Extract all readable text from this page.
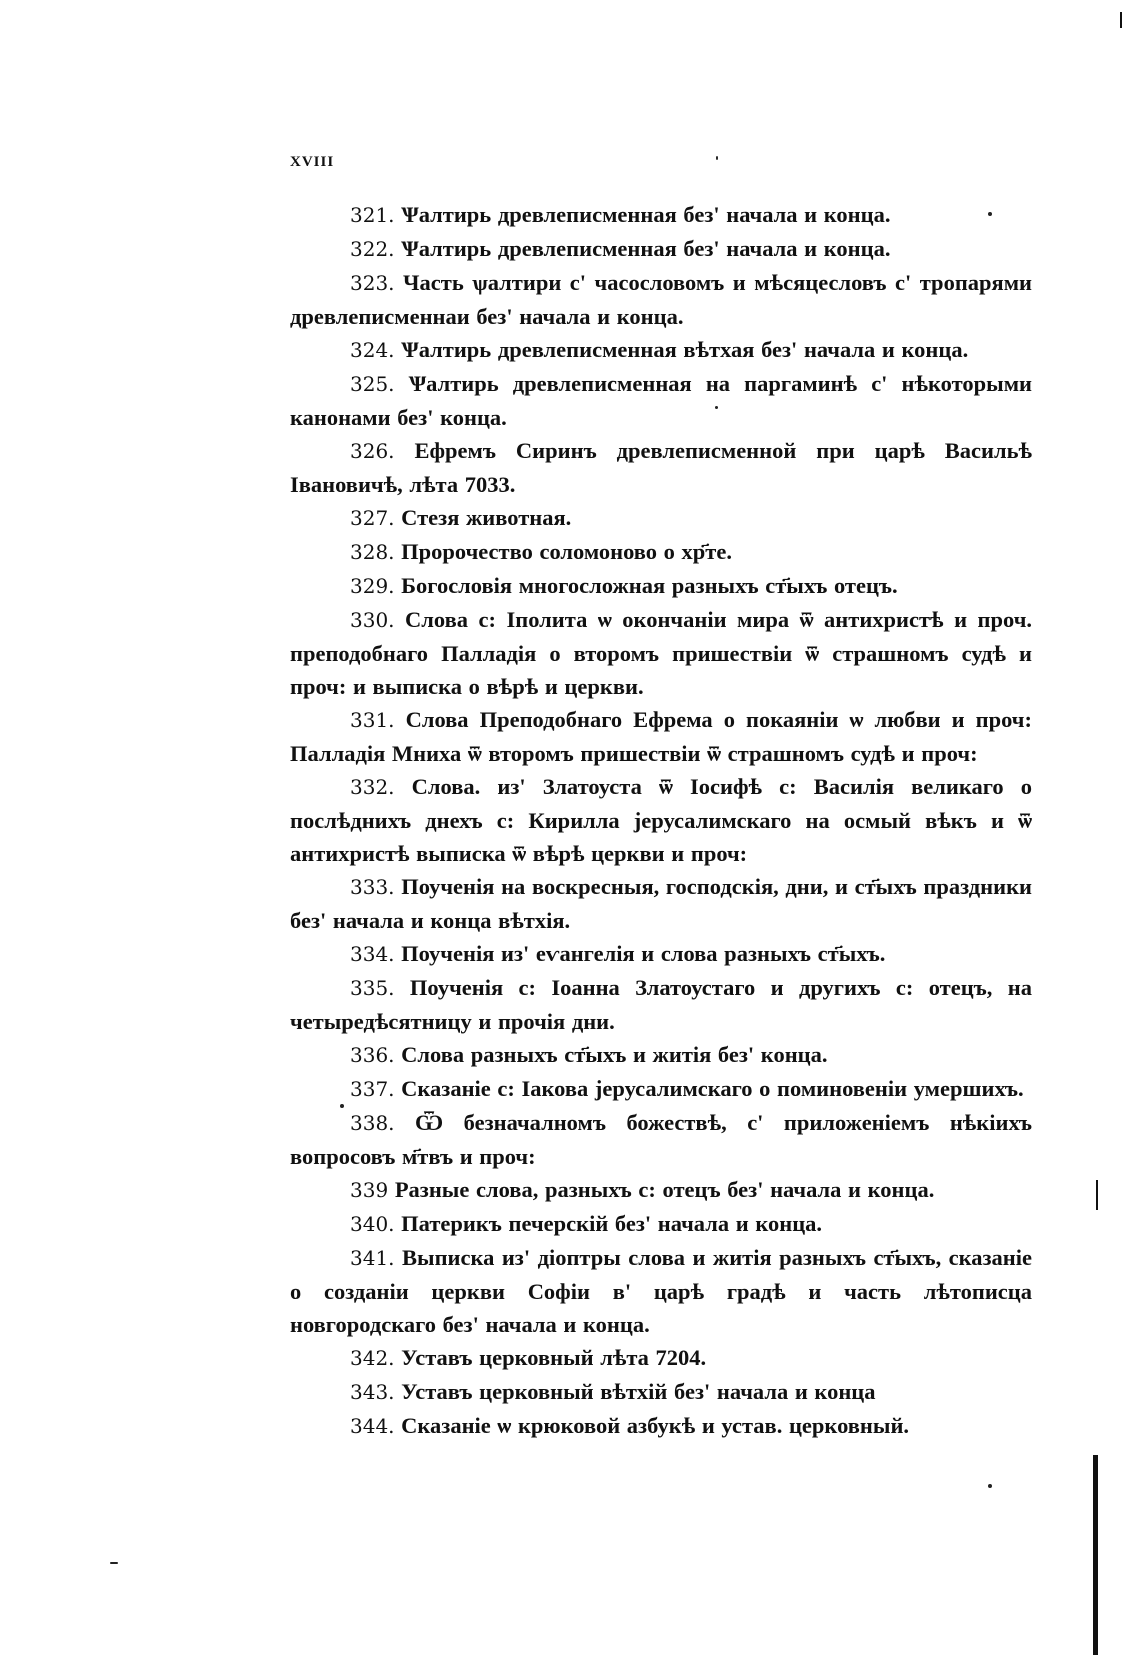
xviii

321. Ѱалтирь древлеписменная без' начала и конца.

322. Ѱалтирь древлеписменная без' начала и конца.

323. Часть ѱалтири с' часословомъ и мѣсяцесловъ с' тропарями древлеписменнаи без' начала и конца.

324. Ѱалтирь древлеписменная вѣтхая без' начала и конца.

325. Ѱалтирь древлеписменная на паргаминѣ с' нѣкоторыми канонами без' конца.

326. Ефремъ Сиринъ древлеписменной при царѣ Васильѣ Івановичѣ, лѣта 7033.

327. Стезя животная.

328. Пророчество соломоново о хр҃те.

329. Богословія многосложная разныхъ ст҃ыхъ отецъ.

330. Слова с: Іполита ѡ окончаніи мира ѿ антихристѣ и проч. преподобнаго Палладія о второмъ пришествіи ѿ страшномъ судѣ и проч: и выписка о вѣрѣ и церкви.

331. Слова Преподобнаго Ефрема о покаяніи ѡ любви и проч: Палладія Мниха ѿ второмъ пришествіи ѿ страшномъ судѣ и проч:

332. Слова. из' Златоуста ѿ Іосифѣ с: Василія великаго о послѣднихъ днехъ с: Кирилла јерусалимскаго на осмый вѣкъ и ѿ антихристѣ выписка ѿ вѣрѣ церкви и проч:

333. Поученія на воскресныя, господскія, дни, и ст҃ыхъ праздники без' начала и конца вѣтхія.

334. Поученія из' еѵангелія и слова разныхъ ст҃ыхъ.

335. Поученія с: Іоанна Златоустаго и другихъ с: отецъ, на четыредѣсятницу и прочія дни.

336. Слова разныхъ ст҃ыхъ и житія без' конца.

337. Сказаніе с: Іакова јерусалимскаго о поминовеніи умершихъ.

338. Ѿ безначалномъ божествѣ, с' приложеніемъ нѣкіихъ вопросовъ м҃твъ и проч:

339 Разные слова, разныхъ с: отецъ без' начала и конца.

340. Патерикъ печерскій без' начала и конца.

341. Выписка из' діоптры слова и житія разныхъ ст҃ыхъ, сказаніе о созданіи церкви Софіи в' царѣ градѣ и часть лѣтописца новгородскаго без' начала и конца.

342. Уставъ церковный лѣта 7204.

343. Уставъ церковный вѣтхій без' начала и конца

344. Сказаніе ѡ крюковой азбукѣ и устав. церковный.
